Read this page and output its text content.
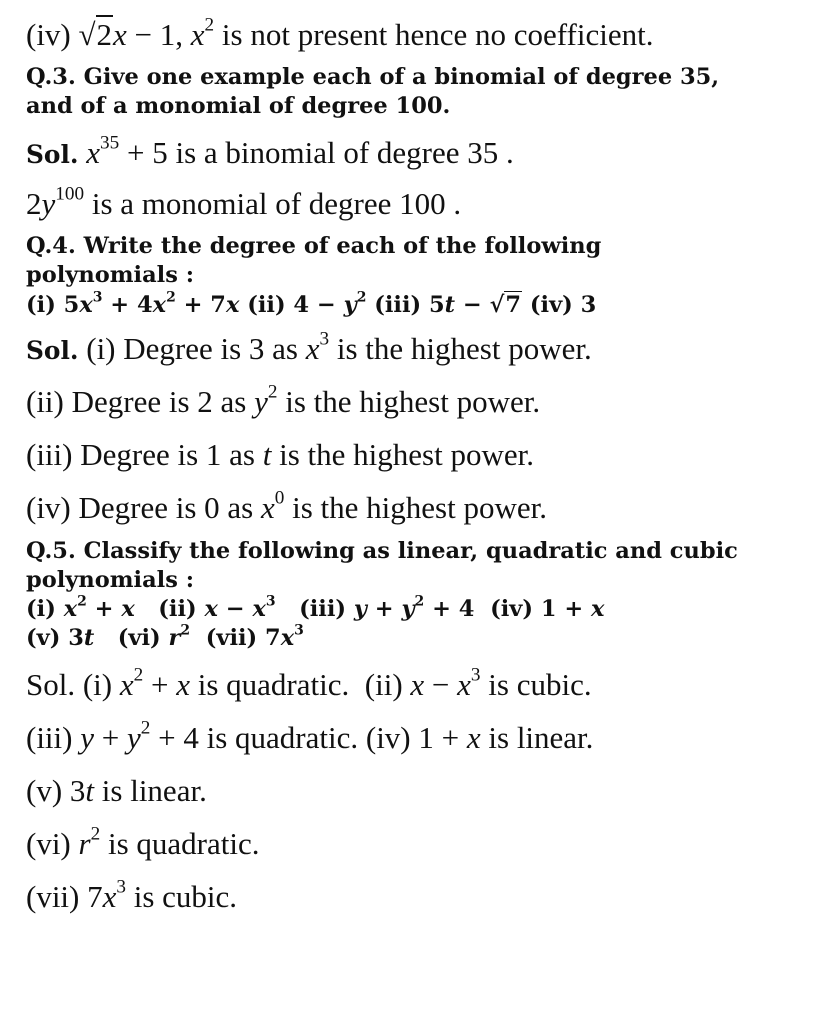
(iv) √2x − 1, $x^2$ is not present hence no coefficient.
Q.3. Give one example each of a binomial of degree 35,
and of a monomial of degree 100.
Sol. $x^{35} + 5$ is a binomial of degree 35 .
$2y^{100}$ is a monomial of degree 100 .
Q.4. Write the degree of each of the following
polynomials :
(i) $5x^3 + 4x^2 + 7x$ (ii) $4 - y^2$ (iii) 5t − √7 (iv) 3
Sol. (i) Degree is 3 as $x^3$ is the highest power.
(ii) Degree is 2 as $y^2$ is the highest power.
(iii) Degree is 1 as t is the highest power.
(iv) Degree is 0 as $x^0$ is the highest power.
Q.5. Classify the following as linear, quadratic and cubic
polynomials :
(i) $x^2 + x$   (ii) $x - x^3$   (iii) $y + y^2 + 4$  (iv) 1 + x
(v) 3t   (vi) $r^2$  (vii) $7x^3$
Sol. (i) $x^2 + x$ is quadratic.  (ii) $x - x^3$ is cubic.
(iii) $y + y^2 + 4$ is quadratic. (iv) 1 + x is linear.
(v) 3t is linear.
(vi) $r^2$ is quadratic.
(vii) $7x^3$ is cubic.
